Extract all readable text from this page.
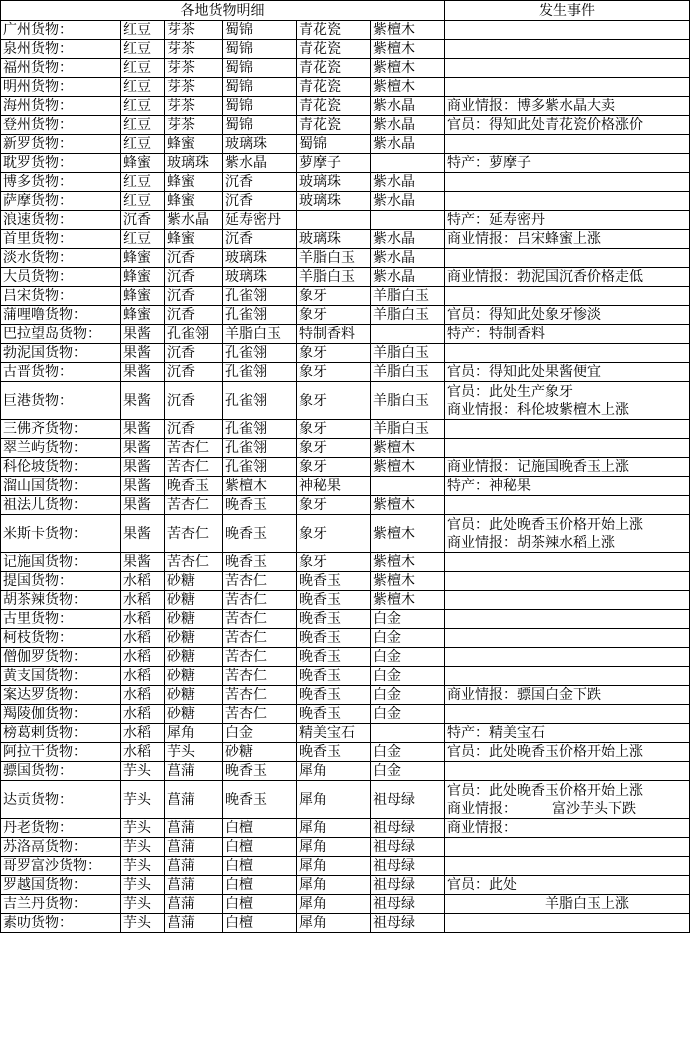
各地货物明细						发生事件
广州货物：	红豆	芽茶	蜀锦	青花瓷	紫檀木	
泉州货物：	红豆	芽茶	蜀锦	青花瓷	紫檀木	
福州货物：	红豆	芽茶	蜀锦	青花瓷	紫檀木	
明州货物：	红豆	芽茶	蜀锦	青花瓷	紫檀木	
海州货物：	红豆	芽茶	蜀锦	青花瓷	紫水晶	商业情报：博多紫水晶大卖

登州货物：	红豆	芽茶	蜀锦	青花瓷	紫水晶	官员：得知此处青花瓷价格涨价

新罗货物：	红豆	蜂蜜	玻璃珠	蜀锦	紫水晶	
耽罗货物：	蜂蜜	玻璃珠	紫水晶	萝摩子		特产：萝摩子

博多货物：	红豆	蜂蜜	沉香	玻璃珠	紫水晶	
萨摩货物：	红豆	蜂蜜	沉香	玻璃珠	紫水晶	
浪速货物：	沉香	紫水晶	延寿密丹			特产：延寿密丹

首里货物：	红豆	蜂蜜	沉香	玻璃珠	紫水晶	商业情报：吕宋蜂蜜上涨

淡水货物：	蜂蜜	沉香	玻璃珠	羊脂白玉	紫水晶	
大员货物：	蜂蜜	沉香	玻璃珠	羊脂白玉	紫水晶	商业情报：勃泥国沉香价格走低

吕宋货物：	蜂蜜	沉香	孔雀翎	象牙	羊脂白玉	
蒲哩噜货物：	蜂蜜	沉香	孔雀翎	象牙	羊脂白玉	官员：得知此处象牙惨淡

巴拉望岛货物：	果酱	孔雀翎	羊脂白玉	特制香料		特产：特制香料

勃泥国货物：	果酱	沉香	孔雀翎	象牙	羊脂白玉	
古晋货物：	果酱	沉香	孔雀翎	象牙	羊脂白玉	官员：得知此处果酱便宜

巨港货物：	果酱	沉香	孔雀翎	象牙	羊脂白玉	官员：此处生产象牙
商业情报：科伦坡紫檀木上涨

三佛齐货物：	果酱	沉香	孔雀翎	象牙	羊脂白玉	
翠兰屿货物：	果酱	苦杏仁	孔雀翎	象牙	紫檀木	
科伦坡货物：	果酱	苦杏仁	孔雀翎	象牙	紫檀木	商业情报：记施国晚香玉上涨

溜山国货物：	果酱	晚香玉	紫檀木	神秘果		特产：神秘果

祖法儿货物：	果酱	苦杏仁	晚香玉	象牙	紫檀木	
米斯卡货物：	果酱	苦杏仁	晚香玉	象牙	紫檀木	官员：此处晚香玉价格开始上涨
商业情报：胡茶辣水稻上涨

记施国货物：	果酱	苦杏仁	晚香玉	象牙	紫檀木	
提国货物：	水稻	砂糖	苦杏仁	晚香玉	紫檀木	
胡茶辣货物：	水稻	砂糖	苦杏仁	晚香玉	紫檀木	
古里货物：	水稻	砂糖	苦杏仁	晚香玉	白金	
柯枝货物：	水稻	砂糖	苦杏仁	晚香玉	白金	
僧伽罗货物：	水稻	砂糖	苦杏仁	晚香玉	白金	
黄支国货物：	水稻	砂糖	苦杏仁	晚香玉	白金	
案达罗货物：	水稻	砂糖	苦杏仁	晚香玉	白金	商业情报：骠国白金下跌

羯陵伽货物：	水稻	砂糖	苦杏仁	晚香玉	白金	
榜葛剌货物：	水稻	犀角	白金	精美宝石		特产：精美宝石

阿拉干货物：	水稻	芋头	砂糖	晚香玉	白金	官员：此处晚香玉价格开始上涨

骠国货物：	芋头	菖蒲	晚香玉	犀角	白金	
达贡货物：	芋头	菖蒲	晚香玉	犀角	祖母绿	官员：此处晚香玉价格开始上涨
商业情报：　　　富沙芋头下跌

丹老货物：	芋头	菖蒲	白檀	犀角	祖母绿	商业情报：

苏洛鬲货物：	芋头	菖蒲	白檀	犀角	祖母绿	
哥罗富沙货物：	芋头	菖蒲	白檀	犀角	祖母绿	
罗越国货物：	芋头	菖蒲	白檀	犀角	祖母绿	官员：此处

吉兰丹货物：	芋头	菖蒲	白檀	犀角	祖母绿	　　　　　　　羊脂白玉上涨

素叻货物：	芋头	菖蒲	白檀	犀角	祖母绿	
